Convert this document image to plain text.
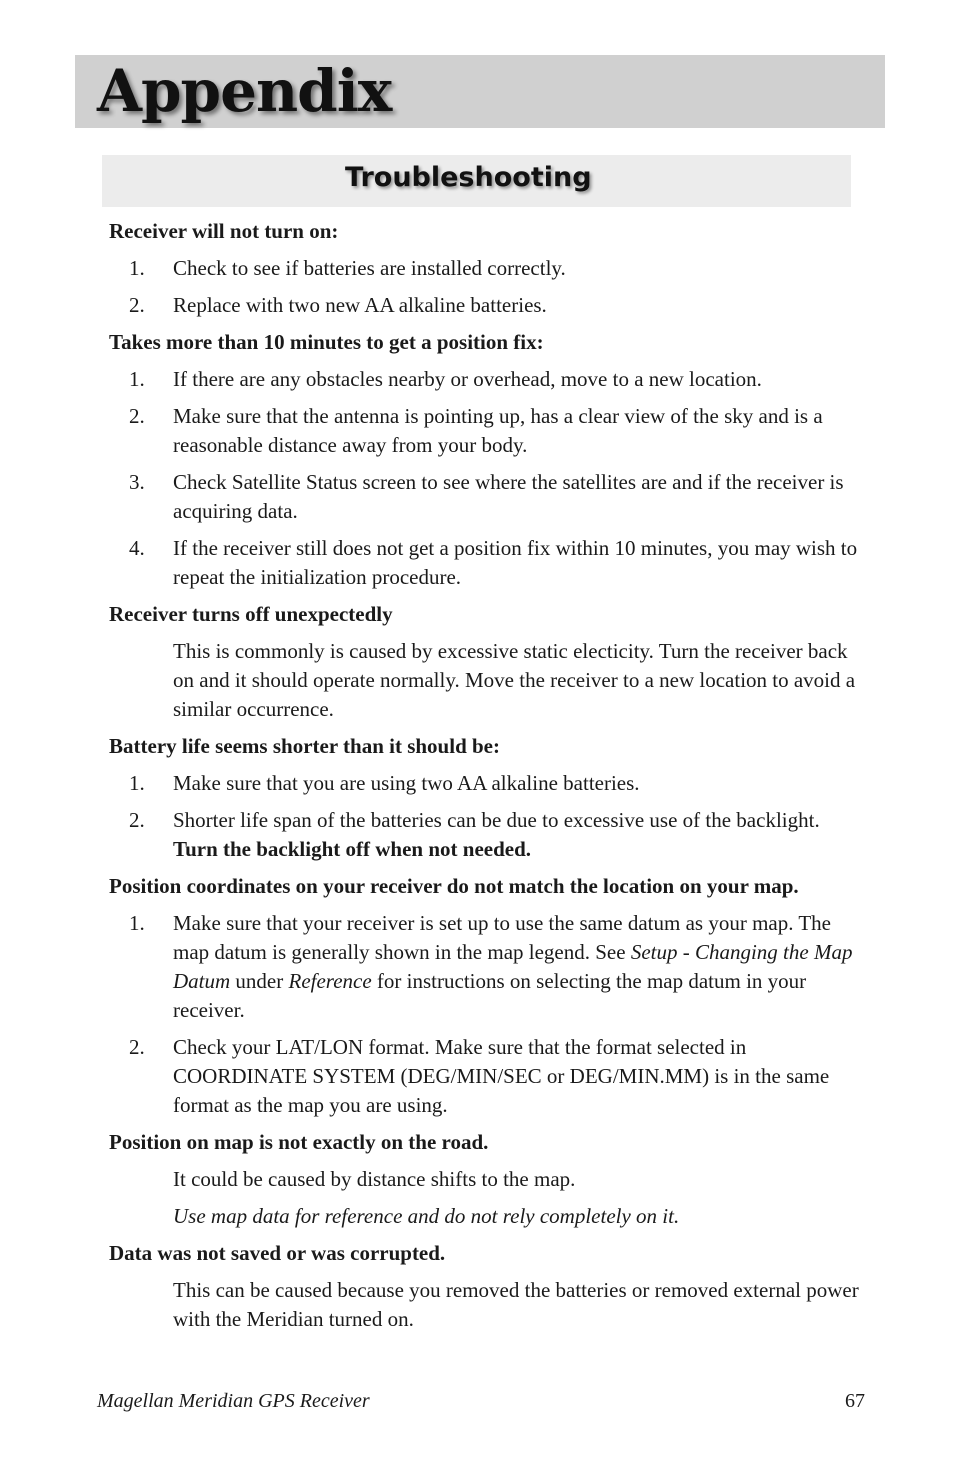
Appendix
Troubleshooting

Receiver will not turn on:

1.	Check to see if batteries are installed correctly.
2.	Replace with two new AA alkaline batteries.

Takes more than 10 minutes to get a position fix:

1.	If there are any obstacles nearby or overhead, move to a new location.
2.	Make sure that the antenna is pointing up, has a clear view of the sky and is a reasonable distance away from your body.
3.	Check Satellite Status screen to see where the satellites are and if the receiver is acquiring data.
4.	If the receiver still does not get a position fix within 10 minutes, you may wish to repeat the initialization procedure.

Receiver turns off unexpectedly

This is commonly is caused by excessive static electicity. Turn the receiver back on and it should operate normally. Move the receiver to a new location to avoid a similar occurrence.

Battery life seems shorter than it should be:

1.	Make sure that you are using two AA alkaline batteries.
2.	Shorter life span of the batteries can be due to excessive use of the backlight.  Turn the backlight off when not needed.

Position coordinates on your receiver do not match the location on your map.

1.	Make sure that your receiver is set up to use the same datum as your map. The map datum is generally shown in the map legend. See Setup - Changing the Map Datum under Reference for instructions on selecting the map datum in your receiver.
2.	Check your LAT/LON format. Make sure that the format selected in COORDINATE SYSTEM (DEG/MIN/SEC or DEG/MIN.MM) is in the same format as the map you are using.

Position on map is not exactly on the road.

It could be caused by distance shifts to the map.

Use map data for reference and do not rely completely on it.

Data was not saved or was corrupted.

This can be caused because you removed the batteries or removed external power with the Meridian turned on.

Magellan Meridian GPS Receiver	67
